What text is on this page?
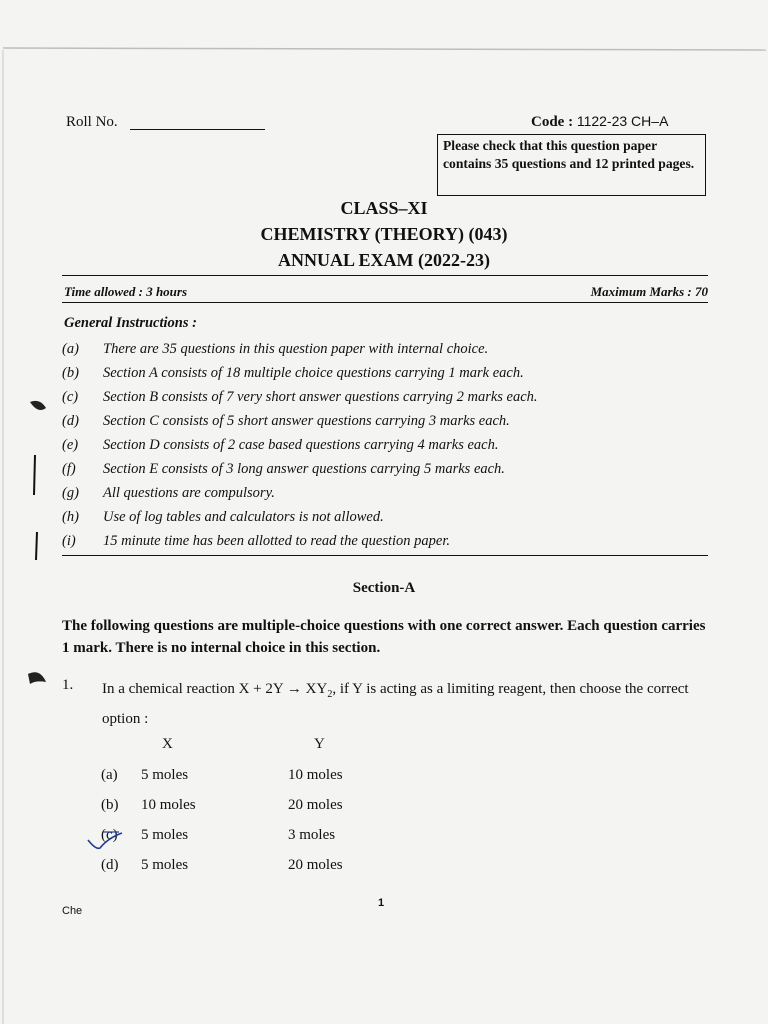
Roll No.	Code : 1122-23 CH–A
Please check that this question paper contains 35 questions and 12 printed pages.
CLASS–XI
CHEMISTRY (THEORY) (043)
ANNUAL EXAM (2022-23)
Time allowed : 3 hours	Maximum Marks : 70
General Instructions :
(a) There are 35 questions in this question paper with internal choice.
(b) Section A consists of 18 multiple choice questions carrying 1 mark each.
(c) Section B consists of 7 very short answer questions carrying 2 marks each.
(d) Section C consists of 5 short answer questions carrying 3 marks each.
(e) Section D consists of 2 case based questions carrying 4 marks each.
(f) Section E consists of 3 long answer questions carrying 5 marks each.
(g) All questions are compulsory.
(h) Use of log tables and calculators is not allowed.
(i) 15 minute time has been allotted to read the question paper.
Section-A
The following questions are multiple-choice questions with one correct answer. Each question carries 1 mark. There is no internal choice in this section.
1. In a chemical reaction $X + 2Y \to XY_2$, if Y is acting as a limiting reagent, then choose the correct option :
X	Y
(a) 5 moles	10 moles
(b) 10 moles	20 moles
(c) 5 moles	3 moles
(d) 5 moles	20 moles
Che
1
